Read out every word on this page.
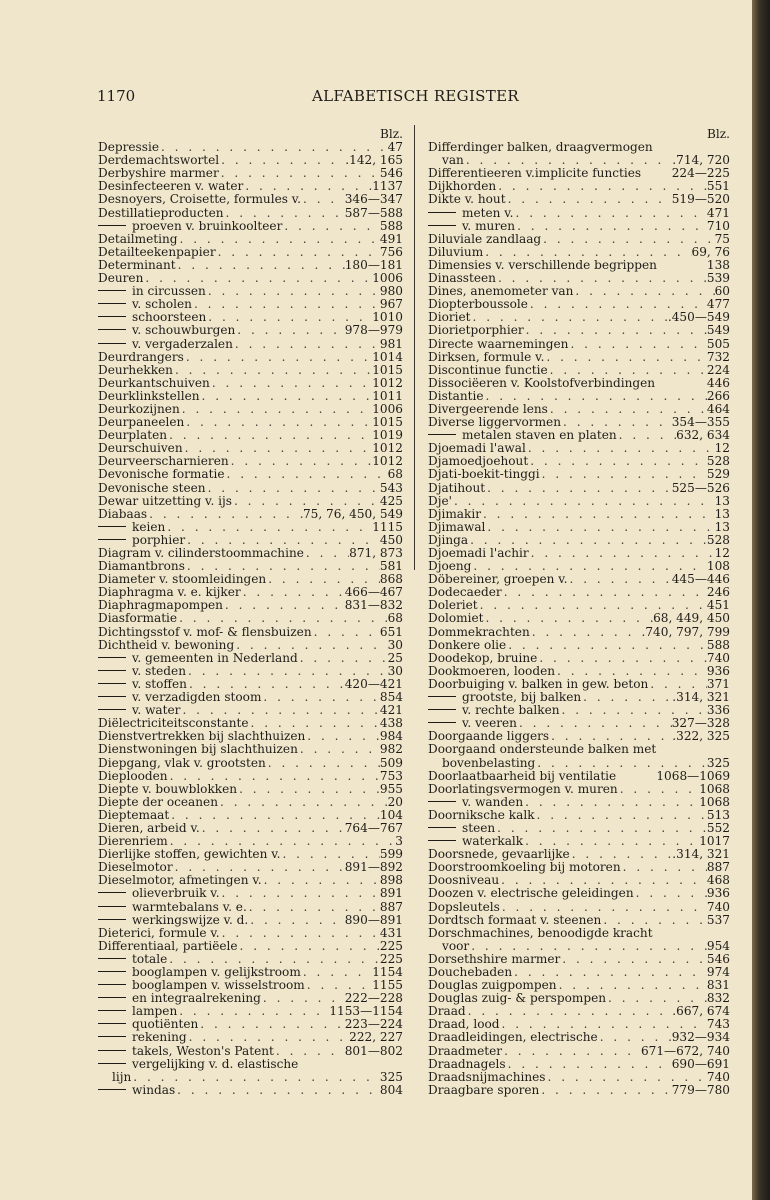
1170	ALFABETISCH REGISTER
Blz.
Depressie . . .	47
Derdemachtswortel . . .	.142, 165
Derbyshire marmer . . .	546
Desinfecteeren v. water . . .	1137
Desnoyers, Croisette, formules v. . . .	346—347
Destillatieproducten . . .	587—588
proeven v. bruinkoolteer . . .	588
Detailmeting . . .	491
Detailteekenpapier . . .	756
Determinant . . .	180—181
Deuren . . .	1006
in circussen . . .	980
v. scholen . . .	967
schoorsteen . . .	1010
v. schouwburgen . . .	978—979
v. vergaderzalen . . .	981
Deurdrangers . . .	1014
Deurhekken . . .	1015
Deurkantschuiven . . .	1012
Deurklinkstellen . . .	1011
Deurkozijnen . . .	1006
Deurpaneelen . . .	1015
Deurplaten . . .	1019
Deurschuiven . . .	1012
Deurveerscharnieren . . .	1012
Devonische formatie . . .	68
Devonische steen . . .	543
Dewar uitzetting v. ijs . . .	425
Diabaas . . .	75, 76, 450, 549
keien . . .	1115
porphier . . .	450
Diagram v. cilinderstoommachine . . .	871, 873
Diamantbrons . . .	581
Diameter v. stoomleidingen . . .	868
Diaphragma v. e. kijker . . .	466—467
Diaphragmapompen . . .	831—832
Diasformatie . . .	68
Dichtingsstof v. mof- & flensbuizen . . .	651
Dichtheid v. bewoning . . .	30
v. gemeenten in Nederland . . .	25
v. steden . . .	30
v. stoffen . . .	420—421
v. verzadigden stoom . . .	854
v. water . . .	421
Diëlectriciteitsconstante . . .	438
Dienstvertrekken bij slachthuizen . . .	984
Dienstwoningen bij slachthuizen . . .	982
Diepgang, vlak v. grootsten . . .	509
Dieplooden . . .	753
Diepte v. bouwblokken . . .	955
Diepte der oceanen . . .	20
Dieptemaat . . .	104
Dieren, arbeid v. . . .	764—767
Dierenriem . . .	3
Dierlijke stoffen, gewichten v. . . .	599
Dieselmotor . . .	891—892
Dieselmotor, afmetingen v. . . .	898
olieverbruik v. . . .	891
warmtebalans v. e. . . .	887
werkingswijze v. d. . . .	890—891
Dieterici, formule v. . . .	431
Differentiaal, partiëele . . .	225
totale . . .	225
booglampen v. gelijkstroom . . .	1154
booglampen v. wisselstroom . . .	1155
en integraalrekening . . .	222—228
lampen . . .	1153—1154
quotiënten . . .	223—224
rekening . . .	222, 227
takels, Weston's Patent . . .	801—802
vergelijking v. d. elastische
lijn . . .	325
windas . . .	804
Blz.
Differdinger balken, draagvermogen
van . . .	.714, 720
Differentieeren v.implicite functies	224—225
Dijkhorden . . .	551
Dikte v. hout . . .	519—520
meten v. . . .	471
v. muren . . .	710
Diluviale zandlaag . . .	75
Diluvium . . .	69, 76
Dimensies v. verschillende begrippen	138
Dinassteen . . .	539
Dines, anemometer van . . .	60
Diopterboussole . . .	477
Dioriet . . .	.450—549
Diorietporphier . . .	549
Directe waarnemingen . . .	505
Dirksen, formule v. . . .	732
Discontinue functie . . .	224
Dissociëeren v. Koolstofverbindingen	446
Distantie . . .	266
Divergeerende lens . . .	464
Diverse liggervormen . . .	354—355
metalen staven en platen . . .	632, 634
Djoemadi l'awal . . .	12
Djamoedjoehout . . .	528
Djati-boekit-tinggi . . .	529
Djatihout . . .	525—526
Dje' . . .	13
Djimakir . . .	13
Djimawal . . .	13
Djinga . . .	528
Djoemadi l'achir . . .	12
Djoeng . . .	108
Döbereiner, groepen v. . . .	445—446
Dodecaeder . . .	246
Doleriet . . .	451
Dolomiet . . .	68, 449, 450
Dommekrachten . . .	.740, 797, 799
Donkere olie . . .	588
Doodekop, bruine . . .	740
Dookmoeren, looden . . .	936
Doorbuiging v. balken in gew. beton . . .	371
grootste, bij balken . . .	.314, 321
v. rechte balken . . .	336
v. veeren . . .	327—328
Doorgaande liggers . . .	.322, 325
Doorgaand ondersteunde balken met
bovenbelasting . . .	325
Doorlaatbaarheid bij ventilatie	1068—1069
Doorlatingsvermogen v. muren . . .	1068
v. wanden . . .	1068
Doorniksche kalk . . .	513
steen . . .	552
waterkalk . . .	1017
Doorsnede, gevaarlijke . . .	.314, 321
Doorstroomkoeling bij motoren . . .	887
Doosniveau . . .	468
Doozen v. electrische geleidingen . . .	936
Dopsleutels . . .	740
Dordtsch formaat v. steenen . . .	537
Dorschmachines, benoodigde kracht
voor . . .	954
Dorsethshire marmer . . .	546
Douchebaden . . .	974
Douglas zuigpompen . . .	831
Douglas zuig- & perspompen . . .	832
Draad . . .	.667, 674
Draad, lood . . .	743
Draadleidingen, electrische . . .	932—934
Draadmeter . . .	671—672, 740
Draadnagels . . .	690—691
Draadsnijmachines . . .	740
Draagbare sporen . . .	779—780
